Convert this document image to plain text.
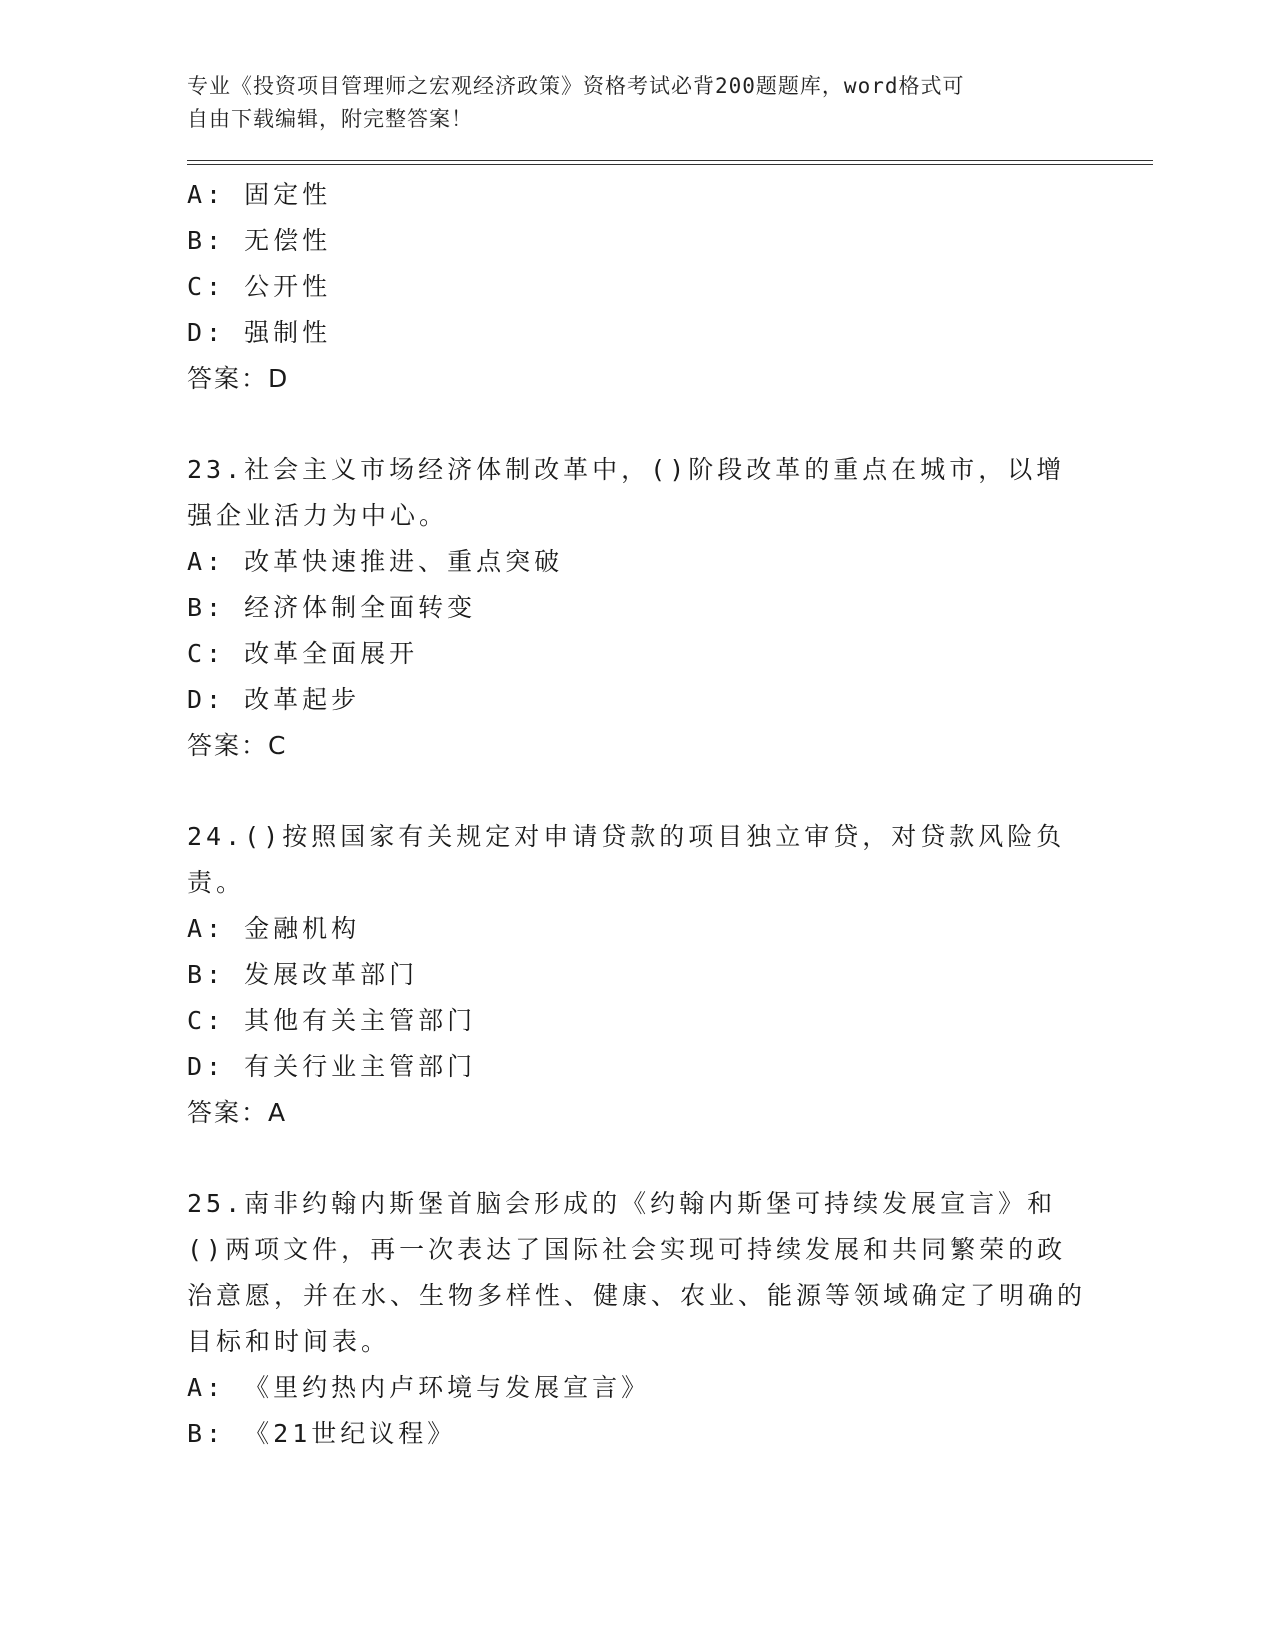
专业《投资项目管理师之宏观经济政策》资格考试必背200题题库，word格式可
自由下载编辑，附完整答案！
A: 固定性
B: 无偿性
C: 公开性
D: 强制性
答案：D
23.社会主义市场经济体制改革中，()阶段改革的重点在城市，以增强企业活力为中心。
A: 改革快速推进、重点突破
B: 经济体制全面转变
C: 改革全面展开
D: 改革起步
答案：C
24.()按照国家有关规定对申请贷款的项目独立审贷，对贷款风险负责。
A: 金融机构
B: 发展改革部门
C: 其他有关主管部门
D: 有关行业主管部门
答案：A
25.南非约翰内斯堡首脑会形成的《约翰内斯堡可持续发展宣言》和()两项文件，再一次表达了国际社会实现可持续发展和共同繁荣的政治意愿，并在水、生物多样性、健康、农业、能源等领域确定了明确的目标和时间表。
A: 《里约热内卢环境与发展宣言》
B: 《21世纪议程》
